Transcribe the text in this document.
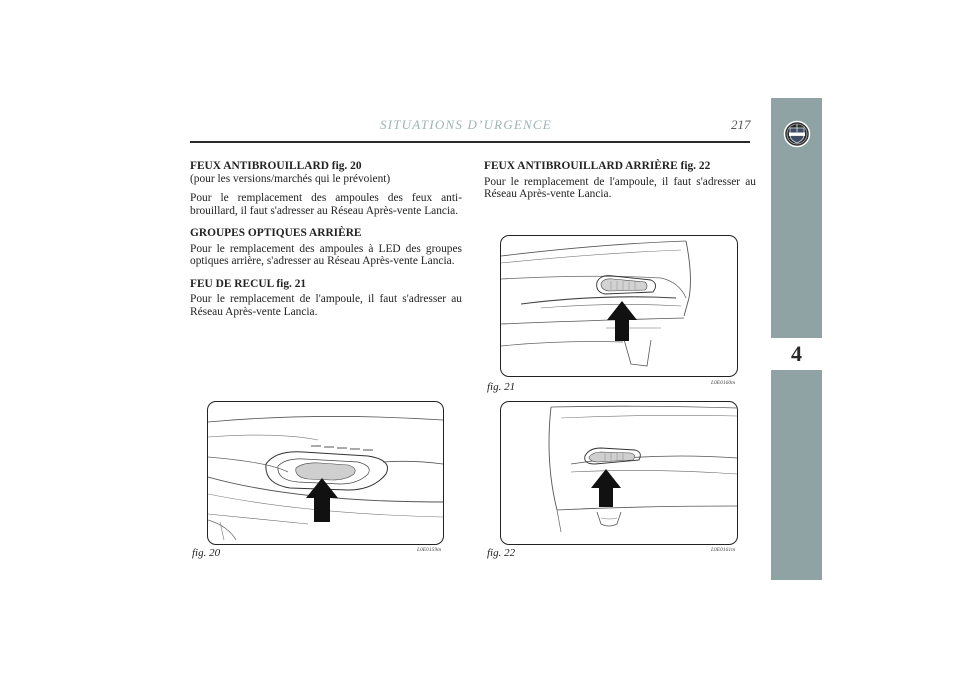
SITUATIONS D’URGENCE	217
4

FEUX ANTIBROUILLARD fig. 20

(pour les versions/marchés qui le prévoient)

Pour le remplacement des ampoules des feux anti-brouillard, il faut s'adresser au Réseau Après-vente Lancia.

GROUPES OPTIQUES ARRIÈRE

Pour le remplacement des ampoules à LED des groupes optiques arrière, s'adresser au Réseau Après-vente Lancia.

FEU DE RECUL fig. 21

Pour le remplacement de l'ampoule, il faut s'adresser au Réseau Après-vente Lancia.

FEUX ANTIBROUILLARD ARRIÈRE fig. 22

Pour le remplacement de l'ampoule, il faut s'adresser au Réseau Après-vente Lancia.

fig. 21	L0E0160m
fig. 20	L0E0159m	fig. 22	L0E0161m
